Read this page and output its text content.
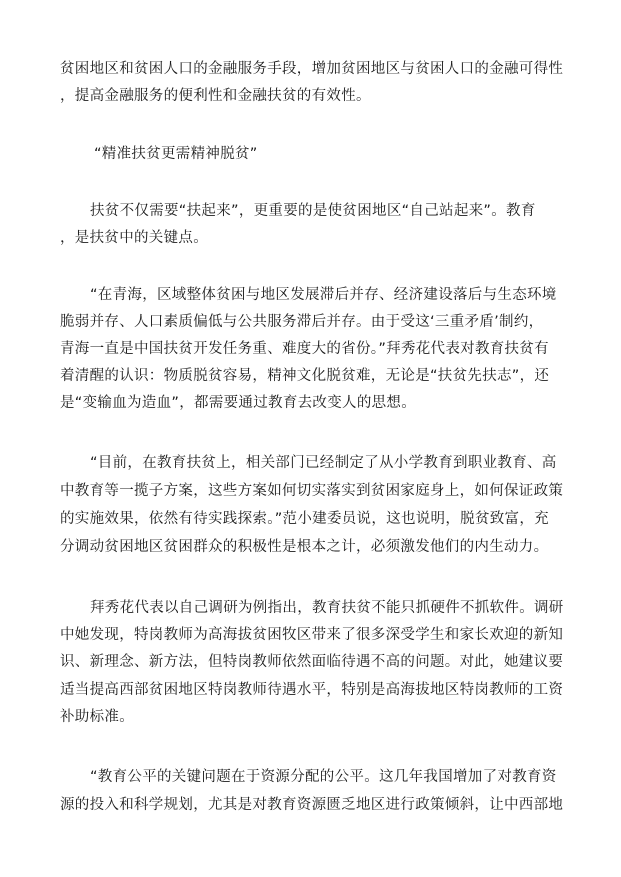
贫困地区和贫困人口的金融服务手段，增加贫困地区与贫困人口的金融可得性
，提高金融服务的便利性和金融扶贫的有效性。
“精准扶贫更需精神脱贫”
扶贫不仅需要“扶起来”，更重要的是使贫困地区“自己站起来”。教育
，是扶贫中的关键点。
“在青海，区域整体贫困与地区发展滞后并存、经济建设落后与生态环境
脆弱并存、人口素质偏低与公共服务滞后并存。由于受这‘三重矛盾’制约，
青海一直是中国扶贫开发任务重、难度大的省份。”拜秀花代表对教育扶贫有
着清醒的认识：物质脱贫容易，精神文化脱贫难，无论是“扶贫先扶志”，还
是“变输血为造血”，都需要通过教育去改变人的思想。
“目前，在教育扶贫上，相关部门已经制定了从小学教育到职业教育、高
中教育等一揽子方案，这些方案如何切实落实到贫困家庭身上，如何保证政策
的实施效果，依然有待实践探索。”范小建委员说，这也说明，脱贫致富，充
分调动贫困地区贫困群众的积极性是根本之计，必须激发他们的内生动力。
拜秀花代表以自己调研为例指出，教育扶贫不能只抓硬件不抓软件。调研
中她发现，特岗教师为高海拔贫困牧区带来了很多深受学生和家长欢迎的新知
识、新理念、新方法，但特岗教师依然面临待遇不高的问题。对此，她建议要
适当提高西部贫困地区特岗教师待遇水平，特别是高海拔地区特岗教师的工资
补助标准。
“教育公平的关键问题在于资源分配的公平。这几年我国增加了对教育资
源的投入和科学规划，尤其是对教育资源匮乏地区进行政策倾斜，让中西部地
